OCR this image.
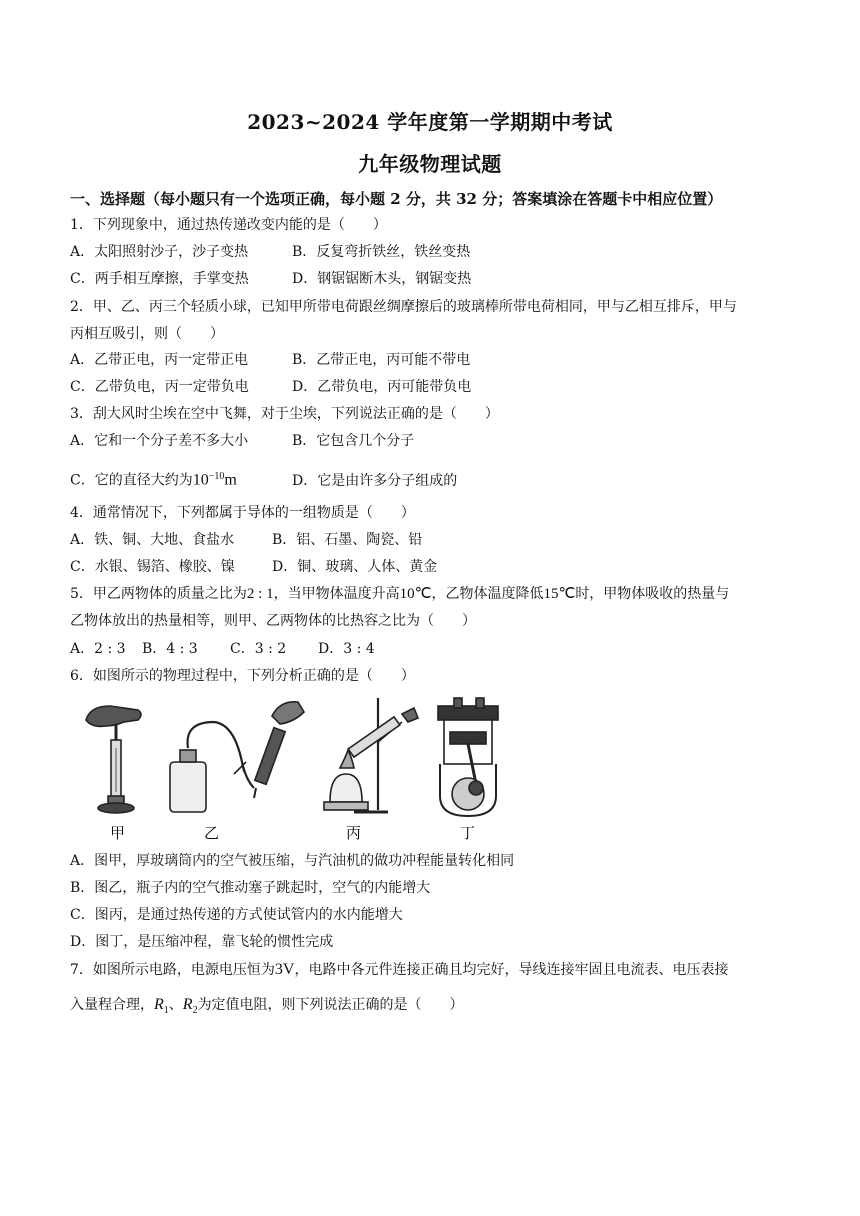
2023~2024 学年度第一学期期中考试
九年级物理试题
一、选择题（每小题只有一个选项正确，每小题 2 分，共 32 分；答案填涂在答题卡中相应位置）
1．下列现象中，通过热传递改变内能的是（　　）
A．太阳照射沙子，沙子变热	B．反复弯折铁丝，铁丝变热
C．两手相互摩擦，手掌变热	D．钢锯锯断木头，钢锯变热
2．甲、乙、丙三个轻质小球，已知甲所带电荷跟丝绸摩擦后的玻璃棒所带电荷相同，甲与乙相互排斥，甲与
丙相互吸引，则（　　）
A．乙带正电，丙一定带正电	B．乙带正电，丙可能不带电
C．乙带负电，丙一定带负电	D．乙带负电，丙可能带负电
3．刮大风时尘埃在空中飞舞，对于尘埃，下列说法正确的是（　　）
A．它和一个分子差不多大小	B．它包含几个分子
C．它的直径大约为$10^{-10}m$	D．它是由许多分子组成的
4．通常情况下，下列都属于导体的一组物质是（　　）
A．铁、铜、大地、食盐水	B．铝、石墨、陶瓷、铅
C．水银、锡箔、橡胶、镍	D．铜、玻璃、人体、黄金
5．甲乙两物体的质量之比为2 : 1，当甲物体温度升高10℃，乙物体温度降低15℃时，甲物体吸收的热量与
乙物体放出的热量相等，则甲、乙两物体的比热容之比为（　　）
A．2 : 3 B．4 : 3 C．3 : 2 D．3 : 4
6．如图所示的物理过程中，下列分析正确的是（　　）
甲	乙	丙	丁
A．图甲，厚玻璃筒内的空气被压缩，与汽油机的做功冲程能量转化相同
B．图乙，瓶子内的空气推动塞子跳起时，空气的内能增大
C．图丙，是通过热传递的方式使试管内的水内能增大
D．图丁，是压缩冲程，靠飞轮的惯性完成
7．如图所示电路，电源电压恒为3V，电路中各元件连接正确且均完好，导线连接牢固且电流表、电压表接
入量程合理，$R_1$、$R_2$为定值电阻，则下列说法正确的是（　　）
